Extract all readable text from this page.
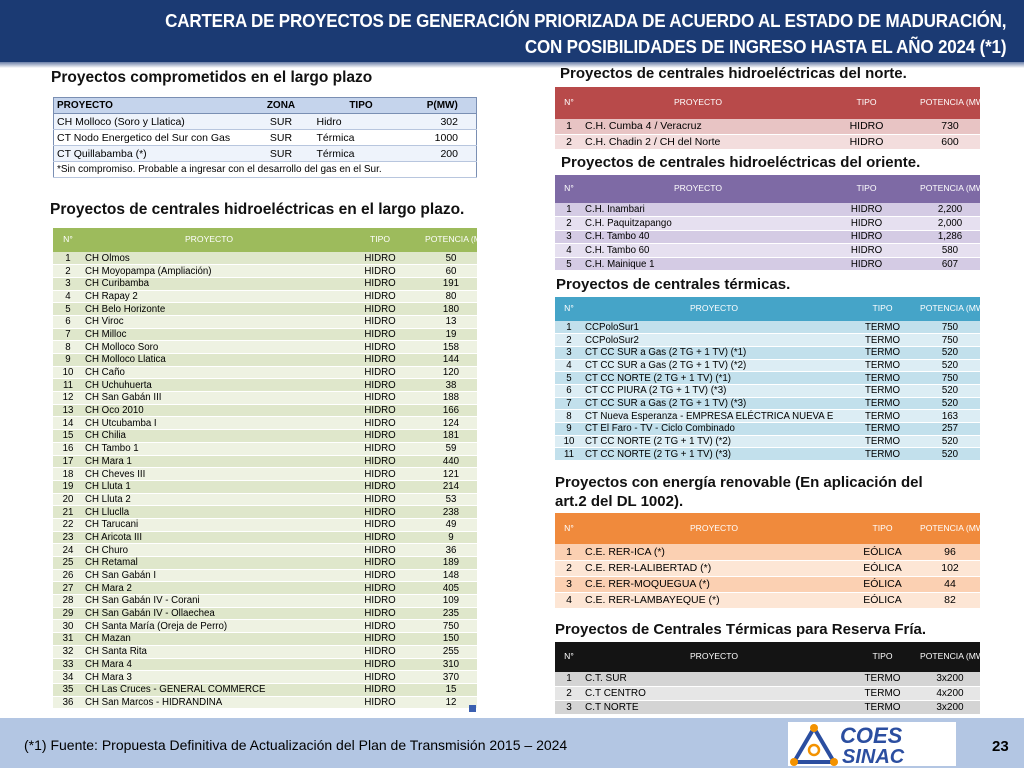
CARTERA DE PROYECTOS DE GENERACIÓN PRIORIZADA DE ACUERDO AL ESTADO DE MADURACIÓN,
CON POSIBILIDADES DE INGRESO HASTA EL AÑO 2024 (*1)
Proyectos comprometidos en el largo plazo
PROYECTO	ZONA	TIPO	P(MW)
CH Molloco (Soro y Llatica)	SUR	Hidro	302
CT Nodo Energetico del Sur con Gas	SUR	Térmica	1000
CT Quillabamba (*)	SUR	Térmica	200
*Sin compromiso. Probable a ingresar con el desarrollo del gas en el Sur.			
Proyectos de centrales hidroeléctricas en el largo plazo.
N°	PROYECTO	TIPO	POTENCIA (MW)
1	CH Olmos	HIDRO	50
2	CH Moyopampa (Ampliación)	HIDRO	60
3	CH Curibamba	HIDRO	191
4	CH Rapay 2	HIDRO	80
5	CH Belo Horizonte	HIDRO	180
6	CH Viroc	HIDRO	13
7	CH Milloc	HIDRO	19
8	CH Molloco Soro	HIDRO	158
9	CH Molloco Llatica	HIDRO	144
10	CH Caño	HIDRO	120
11	CH Uchuhuerta	HIDRO	38
12	CH San Gabán III	HIDRO	188
13	CH Oco 2010	HIDRO	166
14	CH Utcubamba I	HIDRO	124
15	CH Chilia	HIDRO	181
16	CH Tambo 1	HIDRO	59
17	CH Mara 1	HIDRO	440
18	CH Cheves III	HIDRO	121
19	CH Lluta 1	HIDRO	214
20	CH Lluta 2	HIDRO	53
21	CH Lluclla	HIDRO	238
22	CH Tarucani	HIDRO	49
23	CH Aricota III	HIDRO	9
24	CH Churo	HIDRO	36
25	CH Retamal	HIDRO	189
26	CH San Gabán I	HIDRO	148
27	CH Mara 2	HIDRO	405
28	CH San Gabán IV - Corani	HIDRO	109
29	CH San Gabán IV - Ollaechea	HIDRO	235
30	CH Santa María (Oreja de Perro)	HIDRO	750
31	CH Mazan	HIDRO	150
32	CH Santa Rita	HIDRO	255
33	CH Mara 4	HIDRO	310
34	CH Mara 3	HIDRO	370
35	CH Las Cruces - GENERAL COMMERCE	HIDRO	15
36	CH San Marcos - HIDRANDINA	HIDRO	12
Proyectos de centrales hidroeléctricas del norte.
N°	PROYECTO	TIPO	POTENCIA (MW)
1	C.H. Cumba 4 / Veracruz	HIDRO	730
2	C.H. Chadin 2 / CH del Norte	HIDRO	600
Proyectos de centrales hidroeléctricas del oriente.
N°	PROYECTO	TIPO	POTENCIA (MW)
1	C.H. Inambari	HIDRO	2,200
2	C.H. Paquitzapango	HIDRO	2,000
3	C.H. Tambo 40	HIDRO	1,286
4	C.H. Tambo 60	HIDRO	580
5	C.H. Mainique 1	HIDRO	607
Proyectos de centrales térmicas.
N°	PROYECTO	TIPO	POTENCIA (MW)
1	CCPoloSur1	TERMO	750
2	CCPoloSur2	TERMO	750
3	CT CC SUR a Gas (2 TG + 1 TV) (*1)	TERMO	520
4	CT CC SUR a Gas (2 TG + 1 TV) (*2)	TERMO	520
5	CT CC NORTE (2 TG + 1 TV) (*1)	TERMO	750
6	CT CC PIURA (2 TG + 1 TV) (*3)	TERMO	520
7	CT CC SUR a Gas (2 TG + 1 TV) (*3)	TERMO	520
8	CT Nueva Esperanza - EMPRESA ELÉCTRICA NUEVA E	TERMO	163
9	CT El Faro - TV - Ciclo Combinado	TERMO	257
10	CT CC NORTE (2 TG + 1 TV) (*2)	TERMO	520
11	CT CC NORTE (2 TG + 1 TV) (*3)	TERMO	520
Proyectos con energía renovable (En aplicación del
art.2 del DL 1002).
N°	PROYECTO	TIPO	POTENCIA (MW)
1	C.E. RER-ICA (*)	EÓLICA	96
2	C.E. RER-LALIBERTAD (*)	EÓLICA	102
3	C.E. RER-MOQUEGUA (*)	EÓLICA	44
4	C.E. RER-LAMBAYEQUE (*)	EÓLICA	82
Proyectos de Centrales Térmicas para Reserva Fría.
N°	PROYECTO	TIPO	POTENCIA (MW)
1	C.T. SUR	TERMO	3x200
2	C.T CENTRO	TERMO	4x200
3	C.T NORTE	TERMO	3x200
(*1) Fuente: Propuesta Definitiva de Actualización del Plan de Transmisión 2015 – 2024	COES
SINAC	23
